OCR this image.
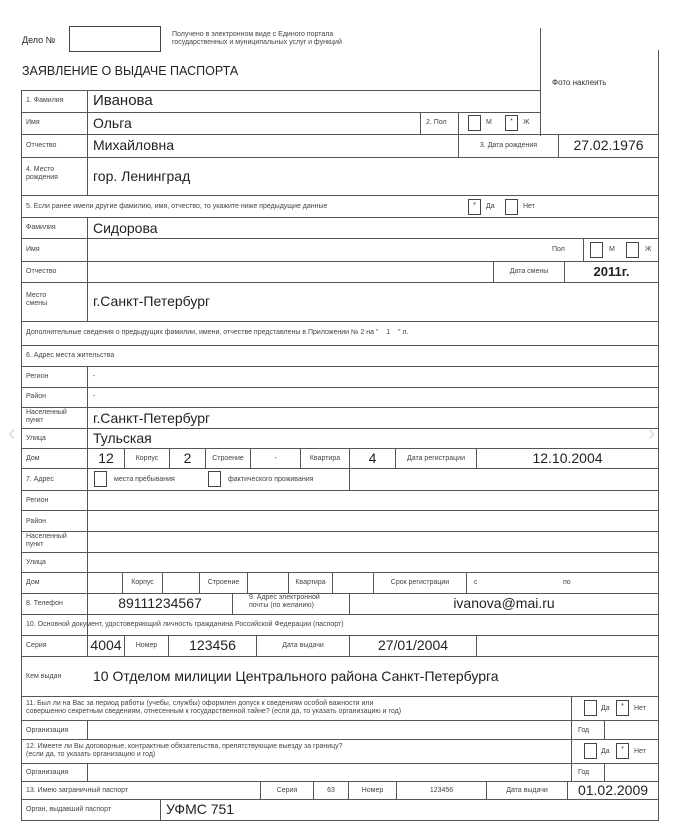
Дело №
Получено в электронном виде с Единого портала
государственных и муниципальных услуг и функций
ЗАЯВЛЕНИЕ О ВЫДАЧЕ ПАСПОРТА
Фото наклеить
1. Фамилия Иванова
Имя	Ольга	2. Пол	М	*	Ж
Отчество	Михайловна	3. Дата рождения	27.02.1976
4. Место
рождения	гор. Ленинград
5. Если ранее имели другие фамилию, имя, отчество, то укажите ниже предыдущие данные	*	Да	Нет
Фамилия	Сидорова
Имя	Пол	М	Ж
Отчество	Дата смены	2011г.
Место
смены	г.Санкт-Петербург
Дополнительные сведения о предыдущих фамилии, имени, отчестве представлены в Приложении № 2 на "    1    " л.
6. Адрес места жительства
Регион	-
Район	-
Населенный
пункт	г.Санкт-Петербург
Улица	Тульская
Дом	12	Корпус	2	Строение	-	Квартира	4	Дата регистрации	12.10.2004
7. Адрес	места пребывания	фактического проживания
Регион
Район
Населенный
пункт
Улица
Дом	Корпус	Строение	Квартира	Срок регистрации	с	по
8. Телефон	89111234567	9. Адрес электронной
почты (по желанию)	ivanova@mai.ru
10. Основной документ, удостоверяющий личность гражданина Российской Федерации (паспорт)
Серия	4004	Номер	123456	Дата выдачи	27/01/2004
Кем выдан 10 Отделом милиции Центрального района Санкт-Петербурга
11. Был ли на Вас за период работы (учебы, службы) оформлен допуск к сведениям особой важности или
совершенно секретным сведениям, отнесенным к государственной тайне? (если да, то указать организацию и год)	Да	*	Нет
Организация	Год
12. Имеете ли Вы договорные, контрактные обязательства, препятствующие выезду за границу?
(если да, то указать организацию и год)	Да	*	Нет
Организация	Год
13. Имею заграничный паспорт	Серия	63	Номер	123456	Дата выдачи	01.02.2009
Орган, выдавший паспорт	УФМС 751
‹	›
